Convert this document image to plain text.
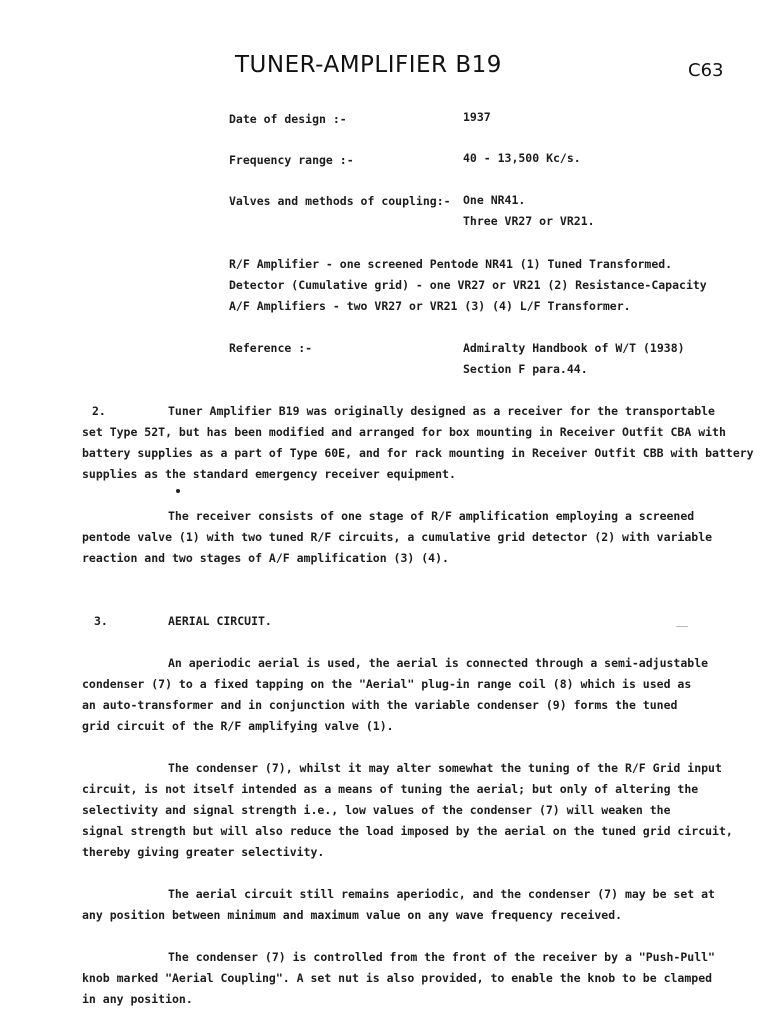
TUNER-AMPLIFIER B19	C63
Date of design :-	1937
Frequency range :-	40 - 13,500 Kc/s.
Valves and methods of coupling:- One NR41.
Three VR27 or VR21.
R/F Amplifier - one screened Pentode NR41 (1) Tuned Transformed.
Detector (Cumulative grid) - one VR27 or VR21 (2) Resistance-Capacity
A/F Amplifiers - two VR27 or VR21 (3) (4) L/F Transformer.
Reference :-	Admiralty Handbook of W/T (1938)
Section F para.44.
2.	Tuner Amplifier B19 was originally designed as a receiver for the transportable
set Type 52T, but has been modified and arranged for box mounting in Receiver Outfit CBA with
battery supplies as a part of Type 60E, and for rack mounting in Receiver Outfit CBB with battery
supplies as the standard emergency receiver equipment.
The receiver consists of one stage of R/F amplification employing a screened
pentode valve (1) with two tuned R/F circuits, a cumulative grid detector (2) with variable
reaction and two stages of A/F amplification (3) (4).
3.	AERIAL CIRCUIT.
An aperiodic aerial is used, the aerial is connected through a semi-adjustable
condenser (7) to a fixed tapping on the "Aerial" plug-in range coil (8) which is used as
an auto-transformer and in conjunction with the variable condenser (9) forms the tuned
grid circuit of the R/F amplifying valve (1).
The condenser (7), whilst it may alter somewhat the tuning of the R/F Grid input
circuit, is not itself intended as a means of tuning the aerial; but only of altering the
selectivity and signal strength i.e., low values of the condenser (7) will weaken the
signal strength but will also reduce the load imposed by the aerial on the tuned grid circuit,
thereby giving greater selectivity.
The aerial circuit still remains aperiodic, and the condenser (7) may be set at
any position between minimum and maximum value on any wave frequency received.
The condenser (7) is controlled from the front of the receiver by a "Push-Pull"
knob marked "Aerial Coupling". A set nut is also provided, to enable the knob to be clamped
in any position.
